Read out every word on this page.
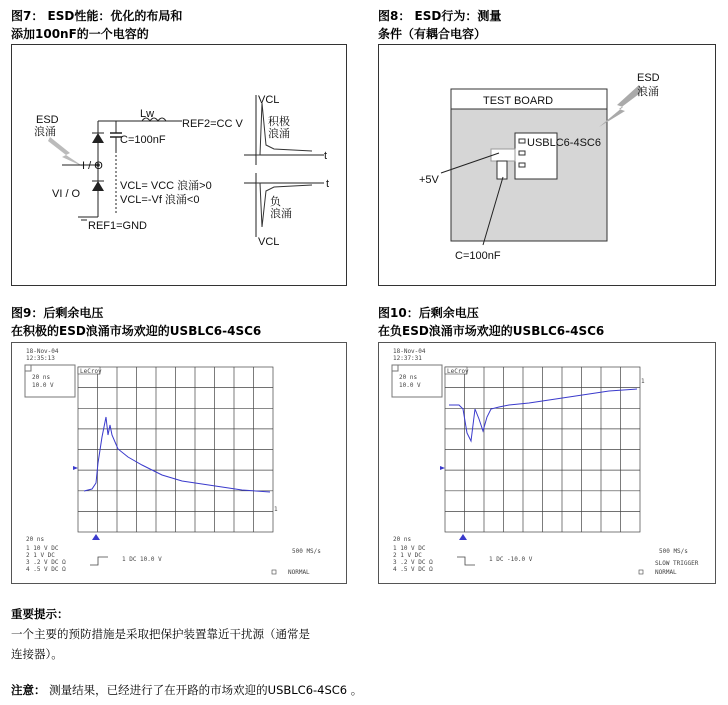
图7： ESD性能：优化的布局和
添加100nF的一个电容的
ESD
浪涌
Lw
REF2=CC V
C=100nF
I / O
VI / O
VCL= VCC 浪涌>0
VCL=-Vf 浪涌<0
REF1=GND
VCL
积极
浪涌
t
t
负
浪涌
VCL
图8： ESD行为：测量
条件（有耦合电容）
TEST BOARD
USBLC6-4SC6
+5V
C=100nF
ESD
浪涌
图9：后剩余电压
在积极的ESD浪涌市场欢迎的USBLC6-4SC6
18-Nov-04
12:35:13
20 ns
10.0 V
LeCroy
1
20 ns
1 10 V DC
2 1 V DC
3 .2 V DC Ω
4 .5 V DC Ω
1 DC 10.0 V
500 MS/s
NORMAL
图10：后剩余电压
在负ESD浪涌市场欢迎的USBLC6-4SC6
18-Nov-04
12:37:31
20 ns
10.0 V
LeCroy
1
20 ns
1 10 V DC
2 1 V DC
3 .2 V DC Ω
4 .5 V DC Ω
1 DC -10.0 V
500 MS/s
SLOW TRIGGER
NORMAL
重要提示：
一个主要的预防措施是采取把保护装置靠近干扰源（通常是
连接器）。
注意： 测量结果，已经进行了在开路的市场欢迎的USBLC6-4SC6 。
